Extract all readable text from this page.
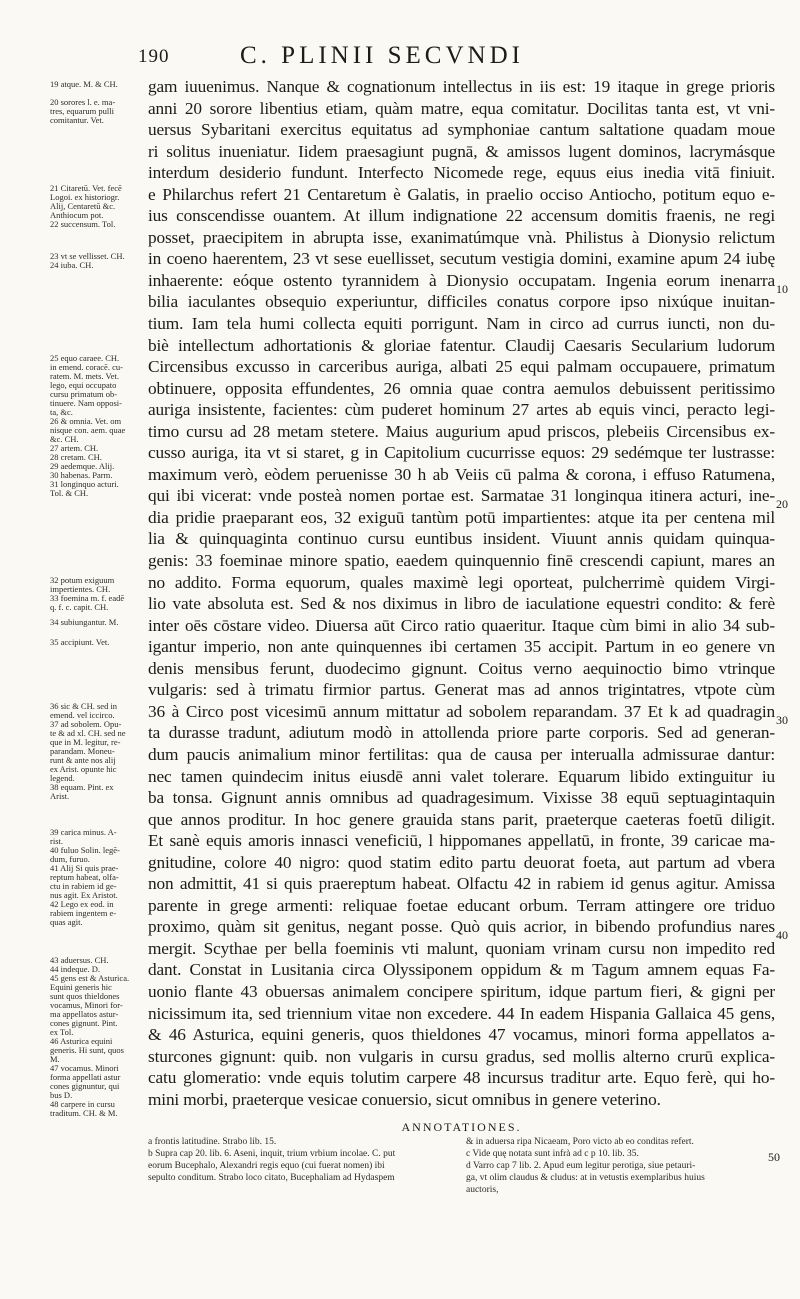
190	C. PLINII SECVNDI
19 atque. M. & CH.
20 sorores l. e. ma-
tres, equarum pulli
comitantur. Vet.
21 Citaretū. Vet. fecē
Logoi. ex historiogr.
Alij, Centaretū &c.
Anthiocum pot.
22 succensum. Tol.
23 vt se vellisset. CH.
24 iuba. CH.
25 equo caraee. CH.
in emend. coracē. cu-
ratem. M. mets. Vet.
lego, equi occupato
cursu primatum ob-
tinuere. Nam opposi-
ta, &c.
26 & omnia. Vet. om
nisque con. aem. quae
&c. CH.
27 artem. CH.
28 cretam. CH.
29 aedemque. Alij.
30 habenas. Parm.
31 longinquo acturi.
Tol. & CH.
32 potum exiguum
impertientes. CH.
33 foemina m. f. eadē
q. f. c. capit. CH.
34 subiungantur. M.
35 accipiunt. Vet.
36 sic & CH. sed in
emend. vel iccirco.
37 ad sobolem. Opu-
te & ad xl. CH. sed ne
que in M. legitur, re-
parandam. Moneu-
runt & ante nos alij
ex Arist. opunte hic
legend.
38 equam. Pint. ex
Arist.
39 carica minus. A-
rist.
40 fuluo Solin. legē-
dum, furuo.
41 Alij Si quis prae-
reptum habeat, olfa-
ctu in rabiem id ge-
nus agit. Ex Aristot.
42 Lego ex eod. in
rabiem ingentem e-
quas agit.
43 aduersus. CH.
44 indeque. D.
45 gens est & Asturica.
Equini generis hic
sunt quos thieldones
vocamus, Minori for-
ma appellatos astur-
cones gignunt. Pint.
ex Tol.
46 Asturica equini
generis. Hi sunt, quos
M.
47 vocamus. Minori
forma appellati astur
cones gignuntur, qui
bus D.
48 carpere in cursu
traditum. CH. & M.
gam iuuenimus. Nanque & cognationum intellectus in iis est: 19 itaque in grege prioris
anni 20 sorore libentius etiam, quàm matre, equa comitatur. Docilitas tanta est, vt vni-
uersus Sybaritani exercitus equitatus ad symphoniae cantum saltatione quadam moue
ri solitus inueniatur. Iidem praesagiunt pugnā, & amissos lugent dominos, lacrymásque
interdum desiderio fundunt. Interfecto Nicomede rege, equus eius inedia vitā finiuit.
e Philarchus refert 21 Centaretum è Galatis, in praelio occiso Antiocho, potitum equo e-
ius conscendisse ouantem. At illum indignatione 22 accensum domitis fraenis, ne regi
posset, praecipitem in abrupta isse, exanimatúmque vnà. Philistus à Dionysio relictum
in coeno haerentem, 23 vt sese euellisset, secutum vestigia domini, examine apum 24 iubę
inhaerente: eóque ostento tyrannidem à Dionysio occupatam. Ingenia eorum inenarra
bilia iaculantes obsequio experiuntur, difficiles conatus corpore ipso nixúque inuitan-
tium. Iam tela humi collecta equiti porrigunt. Nam in circo ad currus iuncti, non du-
biè intellectum adhortationis & gloriae fatentur. Claudij Caesaris Secularium ludorum
Circensibus excusso in carceribus auriga, albati 25 equi palmam occupauere, primatum
obtinuere, opposita effundentes, 26 omnia quae contra aemulos debuissent peritissimo
auriga insistente, facientes: cùm puderet hominum 27 artes ab equis vinci, peracto legi-
timo cursu ad 28 metam stetere. Maius augurium apud priscos, plebeiis Circensibus ex-
cusso auriga, ita vt si staret, g in Capitolium cucurrisse equos: 29 sedémque ter lustrasse:
maximum verò, eòdem peruenisse 30 h ab Veiis cū palma & corona, i effuso Ratumena,
qui ibi vicerat: vnde posteà nomen portae est. Sarmatae 31 longinqua itinera acturi, ine-
dia pridie praeparant eos, 32 exiguū tantùm potū impartientes: atque ita per centena mil
lia & quinquaginta continuo cursu euntibus insident. Viuunt annis quidam quinqua-
genis: 33 foeminae minore spatio, eaedem quinquennio finē crescendi capiunt, mares an
no addito. Forma equorum, quales maximè legi oporteat, pulcherrimè quidem Virgi-
lio vate absoluta est. Sed & nos diximus in libro de iaculatione equestri condito: & ferè
inter oēs cōstare video. Diuersa aūt Circo ratio quaeritur. Itaque cùm bimi in alio 34 sub-
igantur imperio, non ante quinquennes ibi certamen 35 accipit. Partum in eo genere vn
denis mensibus ferunt, duodecimo gignunt. Coitus verno aequinoctio bimo vtrinque
vulgaris: sed à trimatu firmior partus. Generat mas ad annos trigintatres, vtpote cùm
36 à Circo post vicesimū annum mittatur ad sobolem reparandam. 37 Et k ad quadragin
ta durasse tradunt, adiutum modò in attollenda priore parte corporis. Sed ad generan-
dum paucis animalium minor fertilitas: qua de causa per interualla admissurae dantur:
nec tamen quindecim initus eiusdē anni valet tolerare. Equarum libido extinguitur iu
ba tonsa. Gignunt annis omnibus ad quadragesimum. Vixisse 38 equū septuagintaquin
que annos proditur. In hoc genere grauida stans parit, praeterque caeteras foetū diligit.
Et sanè equis amoris innasci veneficiū, l hippomanes appellatū, in fronte, 39 caricae ma-
gnitudine, colore 40 nigro: quod statim edito partu deuorat foeta, aut partum ad vbera
non admittit, 41 si quis praereptum habeat. Olfactu 42 in rabiem id genus agitur. Amissa
parente in grege armenti: reliquae foetae educant orbum. Terram attingere ore triduo
proximo, quàm sit genitus, negant posse. Quò quis acrior, in bibendo profundius nares
mergit. Scythae per bella foeminis vti malunt, quoniam vrinam cursu non impedito red
dant. Constat in Lusitania circa Olyssiponem oppidum & m Tagum amnem equas Fa-
uonio flante 43 obuersas animalem concipere spiritum, idque partum fieri, & gigni per
nicissimum ita, sed triennium vitae non excedere. 44 In eadem Hispania Gallaica 45 gens,
& 46 Asturica, equini generis, quos thieldones 47 vocamus, minori forma appellatos a-
sturcones gignunt: quib. non vulgaris in cursu gradus, sed mollis alterno crurū explica-
catu glomeratio: vnde equis tolutim carpere 48 incursus traditur arte. Equo ferè, qui ho-
mini morbi, praeterque vesicae conuersio, sicut omnibus in genere veterino.
10
20
30
40
ANNOTATIONES.
a frontis latitudine. Strabo lib. 15.
b Supra cap 20. lib. 6. Aseni, inquit, trium vrbium incolae. C. put
eorum Bucephalo, Alexandri regis equo (cui fuerat nomen) ibi
sepulto conditum. Strabo loco citato, Bucephaliam ad Hydaspem
& in aduersa ripa Nicaeam, Poro victo ab eo conditas refert.
c Vide quę notata sunt infrà ad c p 10. lib. 35.
d Varro cap 7 lib. 2. Apud eum legitur perotiga, siue petauri-
ga, vt olim claudus & cludus: at in vetustis exemplaribus huius
auctoris,
50
